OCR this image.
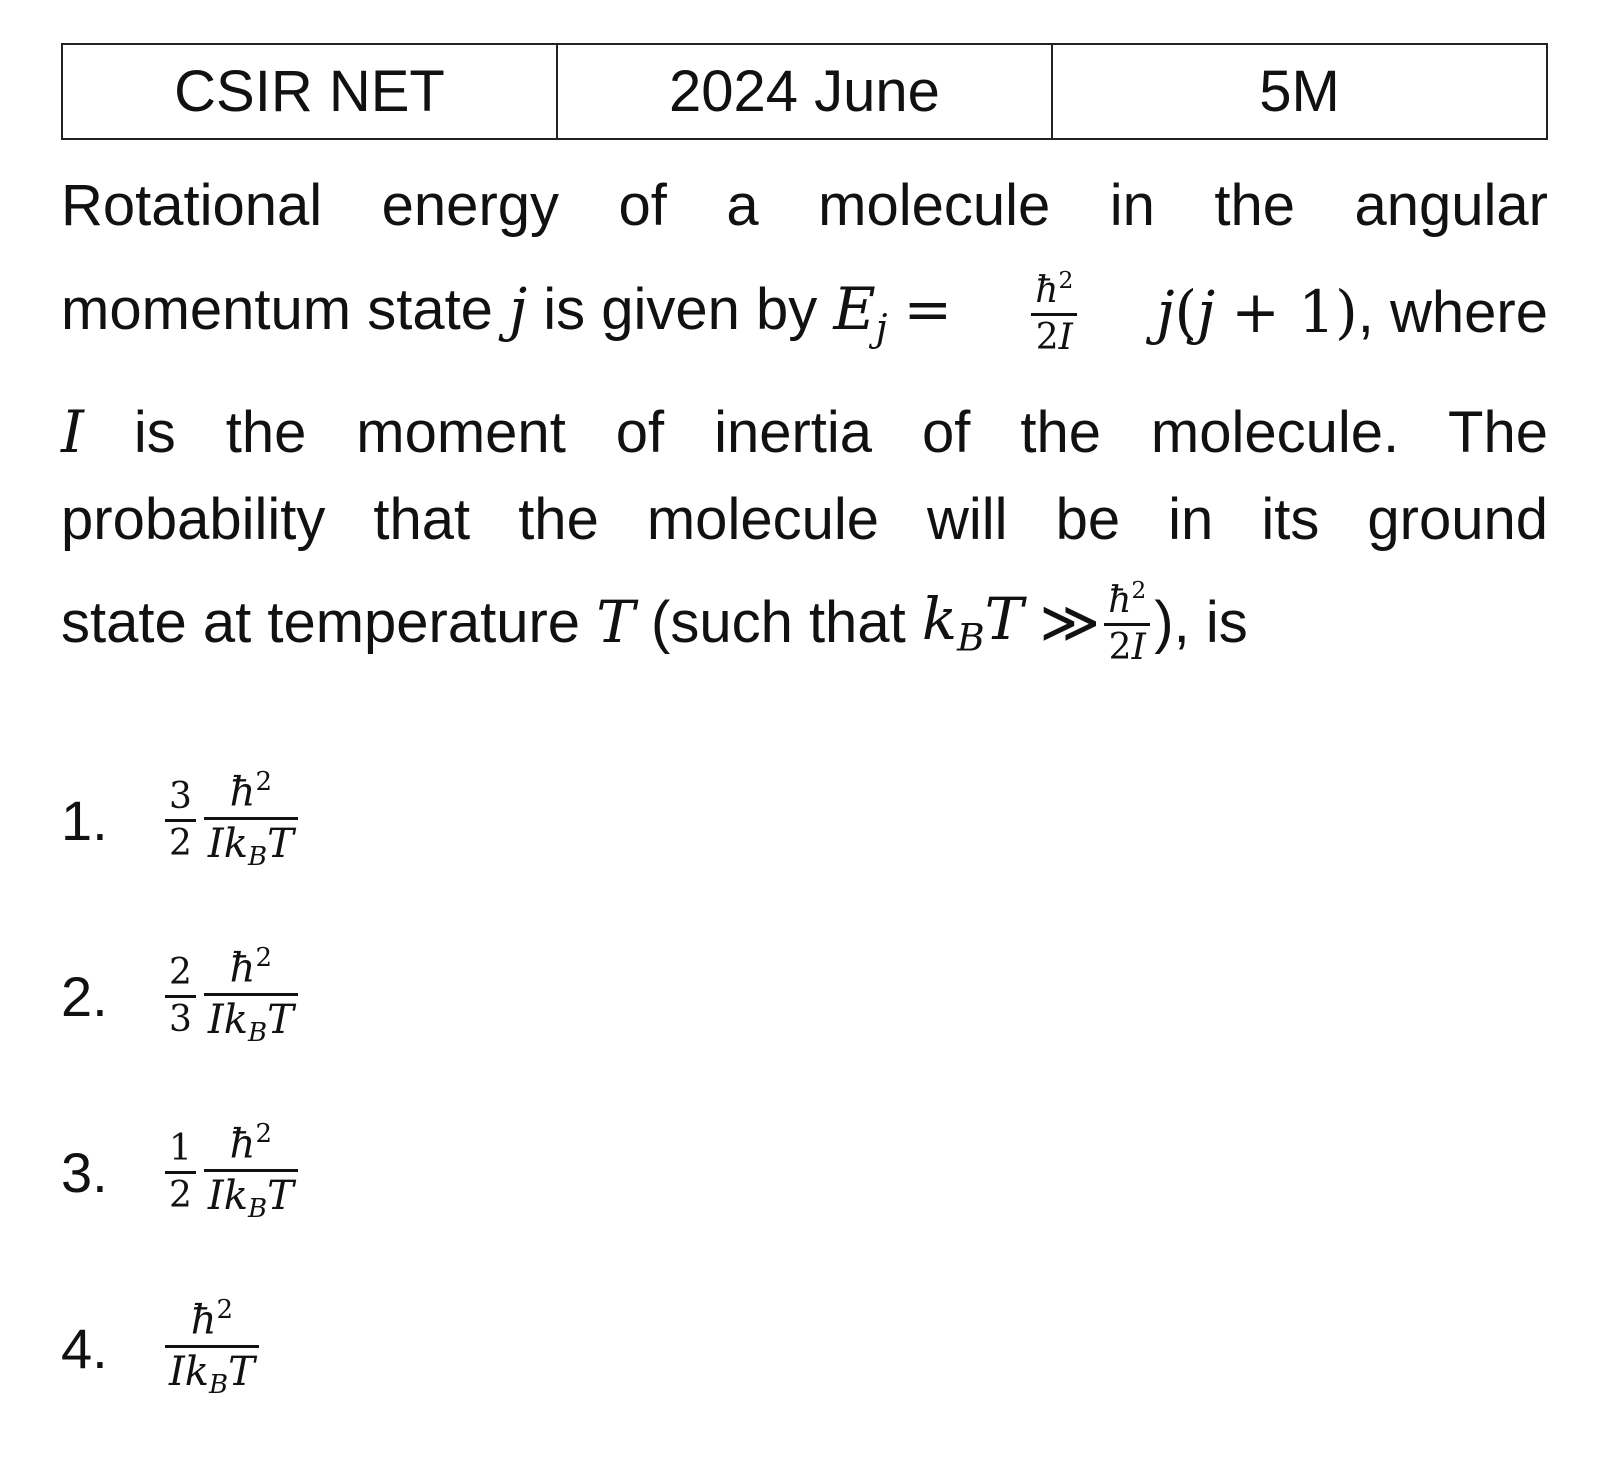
CSIR NET	2024 June	5M
Rotational energy of a molecule in the angular
momentum state j is given by $E_j = \frac{ħ^2}{2I} j(j + 1)$, where
I is the moment of inertia of the molecule. The
probability that the molecule will be in its ground
state at temperature
T
(such that
$k_BT$
≫ $\frac{ħ^2}{2I}$ ), is
1.	$\frac{3}{2} \frac{ħ^2}{Ik_BT}$
2.	$\frac{2}{3} \frac{ħ^2}{Ik_BT}$
3.	$\frac{1}{2} \frac{ħ^2}{Ik_BT}$
4.	$\frac{ħ^2}{Ik_BT}$
